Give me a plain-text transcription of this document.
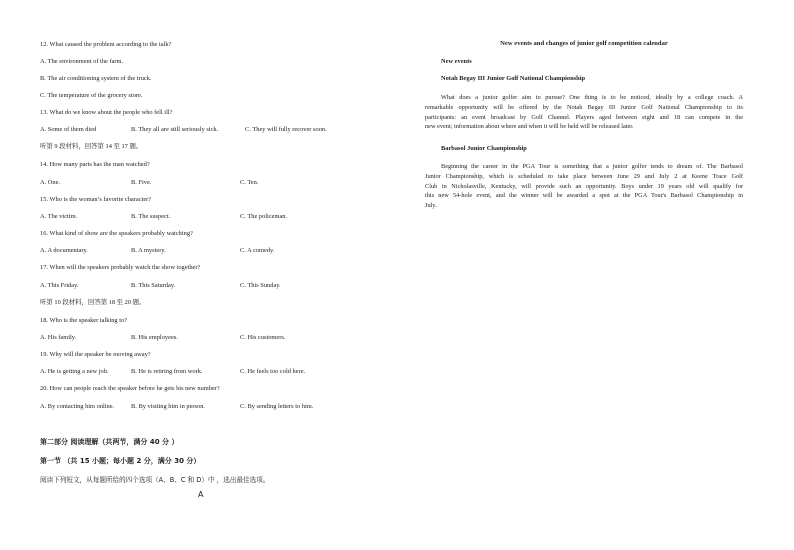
12. What caused the problem according to the talk?
A. The environment of the farm.
B. The air conditioning system of the truck.
C. The temperature of the grocery store.
13. What do we know about the people who fell ill?
A. Some of them died	B. They all are still seriously sick.	C. They will fully recover soon.
听第 9 段材料，回答第 14 至 17 题。
14. How many parts has the man watched?
A. One.	B. Five.	C. Ten.
15. Who is the woman’s favorite character?
A. The victim.	B. The suspect.	C. The policeman.
16. What kind of show are the speakers probably watching?
A. A documentary.	B. A mystery.	C. A comedy.
17. When will the speakers probably watch the show together?
A. This Friday.	B. This Saturday.	C. This Sunday.
听第 10 段材料，回答第 18 至 20 题。
18. Who is the speaker talking to?
A. His family.	B. His employees.	C. His customers.
19. Why will the speaker be moving away?
A. He is getting a new job.	B. He is retiring from work.	C. He feels too cold here.
20. How can people reach the speaker before he gets his new number?
A. By contacting him online.	B. By visiting him in person.	C. By sending letters to him.
第二部分 阅读理解（共两节，满分 40 分 ）
第一节 （共 15 小题；每小题 2 分，满分 30 分）
阅读下列短文，从每题所给的四个选项（A、B、C 和 D）中 ，选出最佳选项。
A
New events and changes of junior golf competition calendar
New events
Notah Begay III Junior Golf National Championship
What does a junior golfer aim to pursue? One thing is to be noticed, ideally by a college coach. A
remarkable opportunity will be offered by the Notah Begay III Junior Golf National Championship to its
participants: an event broadcast by Golf Channel. Players aged between eight and 18 can compete in the
new event; information about where and when it will be held will be released later.
Barbasol Junior Championship
Beginning the career in the PGA Tour is something that a junior golfer tends to dream of. The Barbasol
Junior Championship, which is scheduled to take place between June 29 and July 2 at Keene Trace Golf
Club in Nicholasville, Kentucky, will provide such an opportunity. Boys under 19 years old will qualify for
this new 54-hole event, and the winner will be awarded a spot at the PGA Tour's Barbasol Championship in
July.
